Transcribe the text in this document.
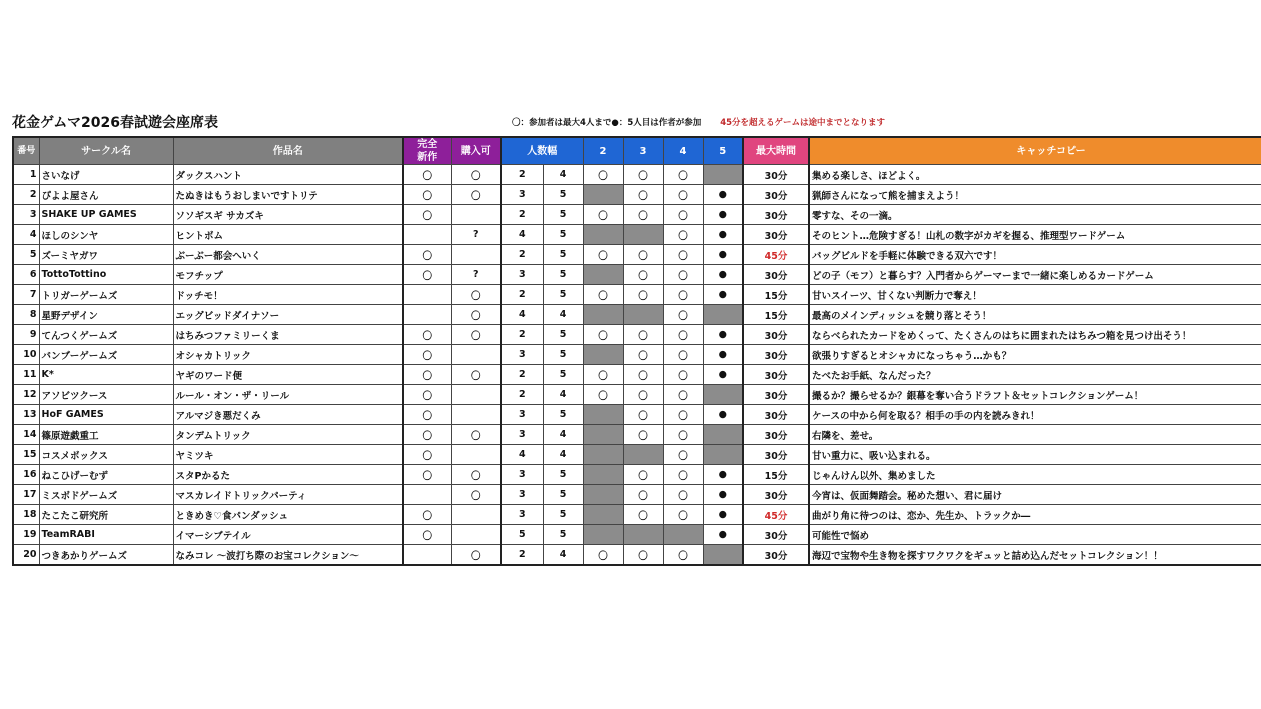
花金ゲムマ2026春試遊会座席表	〇：参加者は最大4人まで●：5人目は作者が参加 45分を超えるゲームは途中までとなります
番号	サークル名	作品名	完全
新作	購入可	人数幅		2	3	4	5	最大時間	キャッチコピー
1	さいなげ	ダックスハント	〇	〇	2	4	〇	〇	〇		30分	集める楽しさ、ほどよく。
2	ぴよよ屋さん	たぬきはもうおしまいですトリテ	〇	〇	3	5		〇	〇	●	30分	猟師さんになって熊を捕まえよう！
3	SHAKE UP GAMES	ソソギスギ サカズキ	〇		2	5	〇	〇	〇	●	30分	零すな、その一滴。
4	ほしのシンヤ	ヒントボム		?	4	5			〇	●	30分	そのヒント…危険すぎる！山札の数字がカギを握る、推理型ワードゲーム
5	ズーミヤガワ	ぶーぶー都会へいく	〇		2	5	〇	〇	〇	●	45分	バッグビルドを手軽に体験できる双六です！
6	TottoTottino	モフチップ	〇	?	3	5		〇	〇	●	30分	どの子（モフ）と暮らす？入門者からゲーマーまで一緒に楽しめるカードゲーム
7	トリガーゲームズ	ドッチモ！		〇	2	5	〇	〇	〇	●	15分	甘いスイーツ、甘くない判断力で奪え！
8	星野デザイン	エッグビッドダイナソー		〇	4	4			〇		15分	最高のメインディッシュを競り落とそう！
9	てんつくゲームズ	はちみつファミリーくま	〇	〇	2	5	〇	〇	〇	●	30分	ならべられたカードをめくって、たくさんのはちに囲まれたはちみつ箱を見つけ出そう！
10	バンブーゲームズ	オシャカトリック	〇		3	5		〇	〇	●	30分	欲張りすぎるとオシャカになっちゃう…かも？
11	K*	ヤギのワード便	〇	〇	2	5	〇	〇	〇	●	30分	たべたお手紙、なんだった？
12	アソビツクース	ルール・オン・ザ・リール	〇		2	4	〇	〇	〇		30分	撮るか？撮らせるか？銀幕を奪い合うドラフト＆セットコレクションゲーム！
13	HoF GAMES	アルマジき悪だくみ	〇		3	5		〇	〇	●	30分	ケースの中から何を取る？相手の手の内を読みきれ！
14	篠原遊戯重工	タンデムトリック	〇	〇	3	4		〇	〇		30分	右隣を、差せ。
15	コスメボックス	ヤミツキ	〇		4	4			〇		30分	甘い重力に、吸い込まれる。
16	ねこひげーむず	スタPかるた	〇	〇	3	5		〇	〇	●	15分	じゃんけん以外、集めました
17	ミスボドゲームズ	マスカレイドトリックパーティ		〇	3	5		〇	〇	●	30分	今宵は、仮面舞踏会。秘めた想い、君に届け
18	たこたこ研究所	ときめき♡食パンダッシュ	〇		3	5		〇	〇	●	45分	曲がり角に待つのは、恋か、先生か、トラックか―
19	TeamRABI	イマーシブテイル	〇		5	5				●	30分	可能性で悩め
20	つきあかりゲームズ	なみコレ ～波打ち際のお宝コレクション～		〇	2	4	〇	〇	〇		30分	海辺で宝物や生き物を探すワクワクをギュッと詰め込んだセットコレクション！！
